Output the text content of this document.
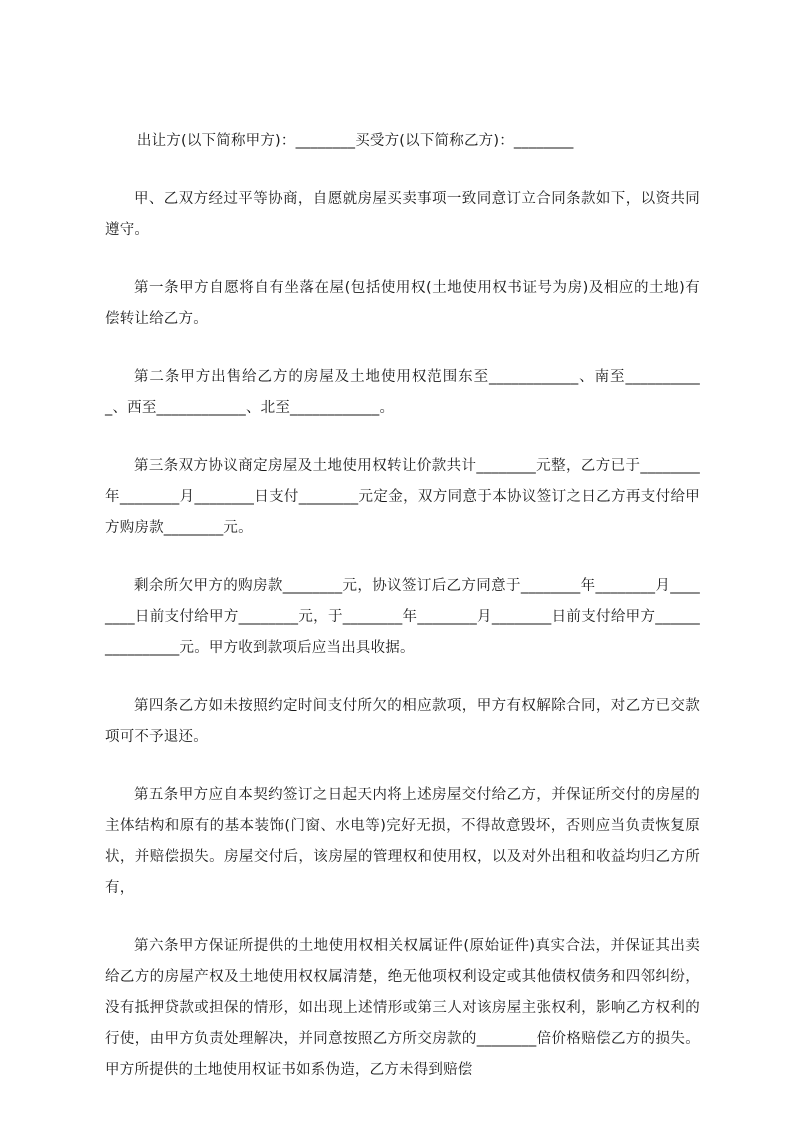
出让方(以下简称甲方)：________买受方(以下简称乙方)：________

甲、乙双方经过平等协商，自愿就房屋买卖事项一致同意订立合同条款如下，以资共同遵守。

第一条甲方自愿将自有坐落在屋(包括使用权(土地使用权书证号为房)及相应的土地)有偿转让给乙方。

第二条甲方出售给乙方的房屋及土地使用权范围东至____________、南至___________、西至____________、北至____________。

第三条双方协议商定房屋及土地使用权转让价款共计________元整，乙方已于________年________月________日支付________元定金，双方同意于本协议签订之日乙方再支付给甲方购房款________元。

剩余所欠甲方的购房款________元，协议签订后乙方同意于________年________月________日前支付给甲方________元，于________年________月________日前支付给甲方________________元。甲方收到款项后应当出具收据。

第四条乙方如未按照约定时间支付所欠的相应款项，甲方有权解除合同，对乙方已交款项可不予退还。

第五条甲方应自本契约签订之日起天内将上述房屋交付给乙方，并保证所交付的房屋的主体结构和原有的基本装饰(门窗、水电等)完好无损，不得故意毁坏，否则应当负责恢复原状，并赔偿损失。房屋交付后，该房屋的管理权和使用权，以及对外出租和收益均归乙方所有，

第六条甲方保证所提供的土地使用权相关权属证件(原始证件)真实合法，并保证其出卖给乙方的房屋产权及土地使用权权属清楚，绝无他项权利设定或其他债权债务和四邻纠纷，没有抵押贷款或担保的情形，如出现上述情形或第三人对该房屋主张权利，影响乙方权利的行使，由甲方负责处理解决，并同意按照乙方所交房款的________倍价格赔偿乙方的损失。甲方所提供的土地使用权证书如系伪造，乙方未得到赔偿
